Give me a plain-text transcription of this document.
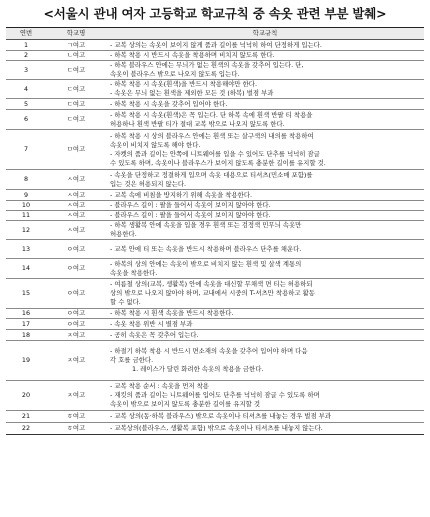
<서울시 관내 여자 고등학교 학교규칙 중 속옷 관련 부분 발췌>
연번	학교명	학교규칙
1	ㄱ여고	- 교복 상의는 속옷이 보이지 않게 품과 길이를 넉넉히 하여 단정하게 입는다.

2	ㄴ여고	- 하복 착용 시 반드시 속옷을 착용하며 비치지 않도록 한다.

3	ㄷ여고	- 하복 블라우스 안에는 무늬가 없는 흰색의 속옷을 갖추어 입는다. 단,
속옷이 블라우스 밖으로 나오지 않도록 입는다.

4	ㄷ여고	- 하복 착용 시 속옷(흰색)을 반드시 착용해야만 한다.
- 속옷은 무늬 없는 흰색을 제외한 모든 것 (하복) 벌점 부과

5	ㄷ여고	- 하복 착용 시 속옷을 갖추어 입어야 한다.

6	ㄷ여고	- 하복 착용 시 속옷(흰색)은 꼭 입는다. 단 하복 속에 흰색 반팔 티 착용을
허용하나 흰색 반팔 티가 절대 교복 밖으로 나오지 않도록 한다.

7	ㅁ여고	- 하복 착용 시 상의 블라우스 안에는 흰색 또는 살구색의 내의를 착용하여
속옷이 비치지 않도록 해야 한다.
- 자켓의 품과 길이는 안쪽에 니트웨어를 입을 수 있어도 단추를 넉넉히 잠글
수 있도록 하며, 속옷이나 블라우스가 보이지 않도록 충분한 길이를 유지할 것.

8	ㅅ여고	- 속옷을 단정하고 정결하게 입으며 속옷 대용으로 티셔츠(민소매 포함)를
입는 것은 허용되지 않는다.

9	ㅅ여고	- 교복 속에 비침을 방지하기 위해 속옷을 착용한다.

10	ㅅ여고	- 블라우스 길이 : 팔을 들어서 속옷이 보이지 않아야 한다.

11	ㅅ여고	- 블라우스 길이 : 팔을 들어서 속옷이 보이지 않아야 한다.

12	ㅅ여고	- 하복 생활복 안에 속옷을 입을 경우 흰색 또는 검정색 민무늬 속옷만
허용한다.

13	ㅇ여고	- 교복 안에 티 또는 속옷을 반드시 착용하며 블라우스 단추를 채운다.

14	ㅇ여고	- 하복의 상의 안에는 속옷이 밖으로 비치지 않는 흰색 및 살색 계통의
속옷을 착용한다.

15	ㅇ여고	- 여름철 상의(교복, 생활복) 안에 속옷을 대신할 무채색 면 티는 허용하되
상의 밖으로 나오지 않아야 하며, 교내에서 시중의 T-셔츠만 착용하고 활동
할 수 없다.

16	ㅇ여고	- 하복 착용 시 흰색 속옷을 반드시 착용한다.

17	ㅇ여고	- 속옷 착용 위반 시 별점 부과

18	ㅈ여고	- 공히 속옷은 꼭 갖추어 입는다.

19	ㅈ여고	- 하절기 하복 착용 시 반드시 면소재의 속옷을 갖추어 입어야 하며 다음
각 호를 금한다.
1. 레이스가 달린 화려한 속옷의 착용을 금한다.

20	ㅈ여고	- 교복 착용 순서 : 속옷을 먼저 착용
- 재킷의 품과 길이는 니트웨어를 입어도 단추를 넉넉히 잠글 수 있도록 하며
속옷이 밖으로 보이지 않도록 충분한 길이를 유지할 것

21	ㅎ여고	- 교복 상의(동·하복 블라우스) 밖으로 속옷이나 티셔츠를 내놓는 경우 벌점 부과

22	ㅎ여고	- 교복상의(블라우스, 생활복 포함) 밖으로 속옷이나 티셔츠를 내놓지 않는다.
